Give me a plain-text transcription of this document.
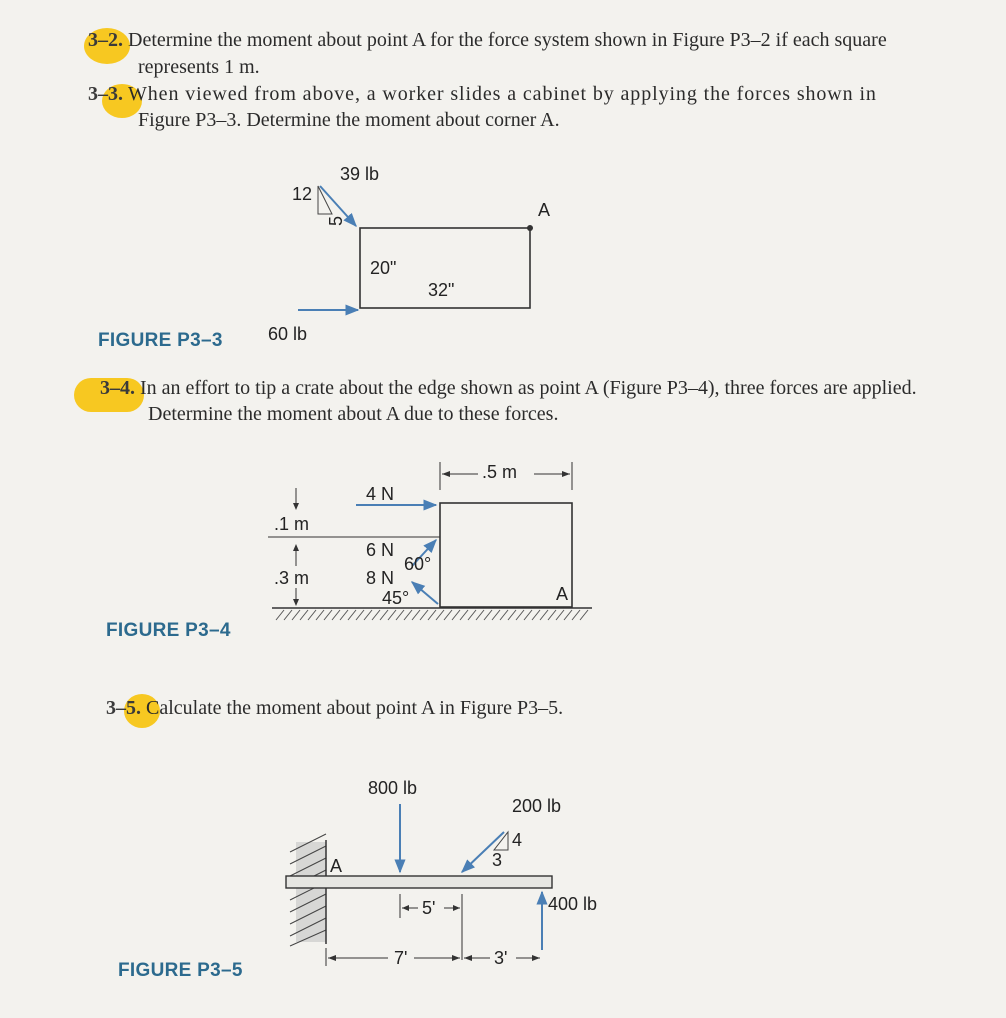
3–2. Determine the moment about point A for the force system shown in Figure P3–2 if each square
represents 1 m.
3–3. When viewed from above, a worker slides a cabinet by applying the forces shown in
Figure P3–3. Determine the moment about corner A.
39 lb
12
5
A
20"
32"
FIGURE P3–3	60 lb
3–4. In an effort to tip a crate about the edge shown as point A (Figure P3–4), three forces are applied.
Determine the moment about A due to these forces.
.5 m
4 N
.1 m
6 N
60°
.3 m	8 N
45°	A
FIGURE P3–4
3–5. Calculate the moment about point A in Figure P3–5.
800 lb
200 lb
4
3
A
400 lb
5'
7'	3'
FIGURE P3–5
